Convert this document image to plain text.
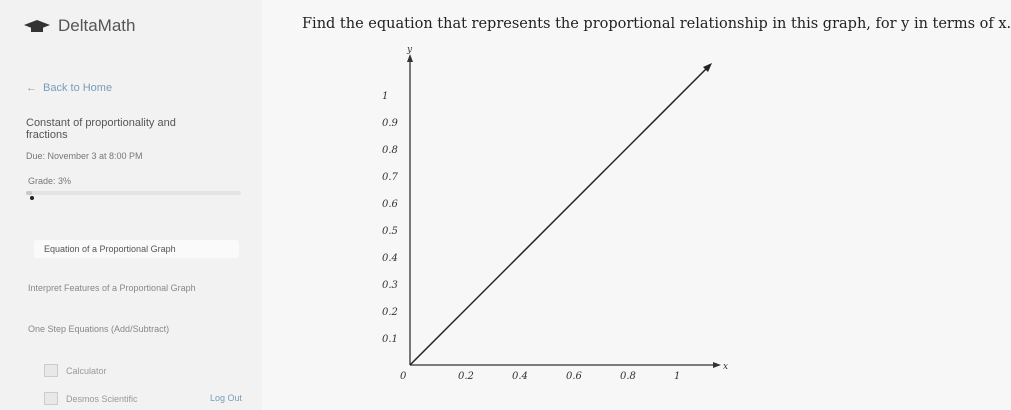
DeltaMath
← Back to Home
Constant of proportionality and fractions
Due: November 3 at 8:00 PM
Grade: 3%
Equation of a Proportional Graph
Interpret Features of a Proportional Graph
One Step Equations (Add/Subtract)
Calculator
Desmos Scientific	Log Out
Find the equation that represents the proportional relationship in this graph, for y in terms of x.
x
y
0	0.2	0.4	0.6	0.8	1
0.1
0.2
0.3
0.4
0.5
0.6
0.7
0.8
0.9
1
